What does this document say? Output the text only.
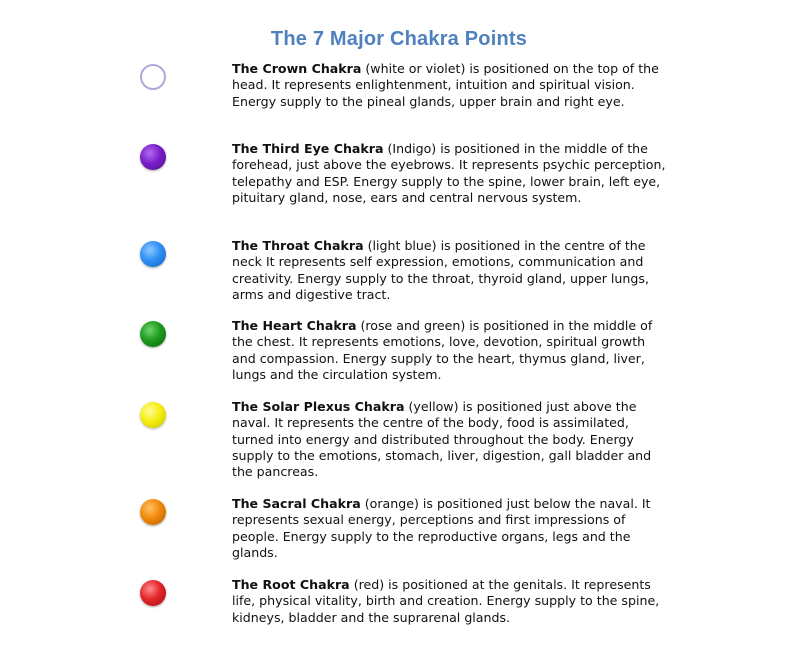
The 7 Major Chakra Points

The Crown Chakra (white or violet) is positioned on the top of the head. It represents enlightenment, intuition and spiritual vision. Energy supply to the pineal glands, upper brain and right eye.

The Third Eye Chakra (Indigo) is positioned in the middle of the forehead, just above the eyebrows. It represents psychic perception, telepathy and ESP. Energy supply to the spine, lower brain, left eye, pituitary gland, nose, ears and central nervous system.

The Throat Chakra (light blue) is positioned in the centre of the neck It represents self expression, emotions, communication and creativity. Energy supply to the throat, thyroid gland, upper lungs, arms and digestive tract.

The Heart Chakra (rose and green) is positioned in the middle of the chest. It represents emotions, love, devotion, spiritual growth and compassion. Energy supply to the heart, thymus gland, liver, lungs and the circulation system.

The Solar Plexus Chakra (yellow) is positioned just above the naval. It represents the centre of the body, food is assimilated, turned into energy and distributed throughout the body. Energy supply to the emotions, stomach, liver, digestion, gall bladder and the pancreas.

The Sacral Chakra (orange) is positioned just below the naval. It represents sexual energy, perceptions and first impressions of people. Energy supply to the reproductive organs, legs and the glands.

The Root Chakra (red) is positioned at the genitals. It represents life, physical vitality, birth and creation. Energy supply to the spine, kidneys, bladder and the suprarenal glands.
